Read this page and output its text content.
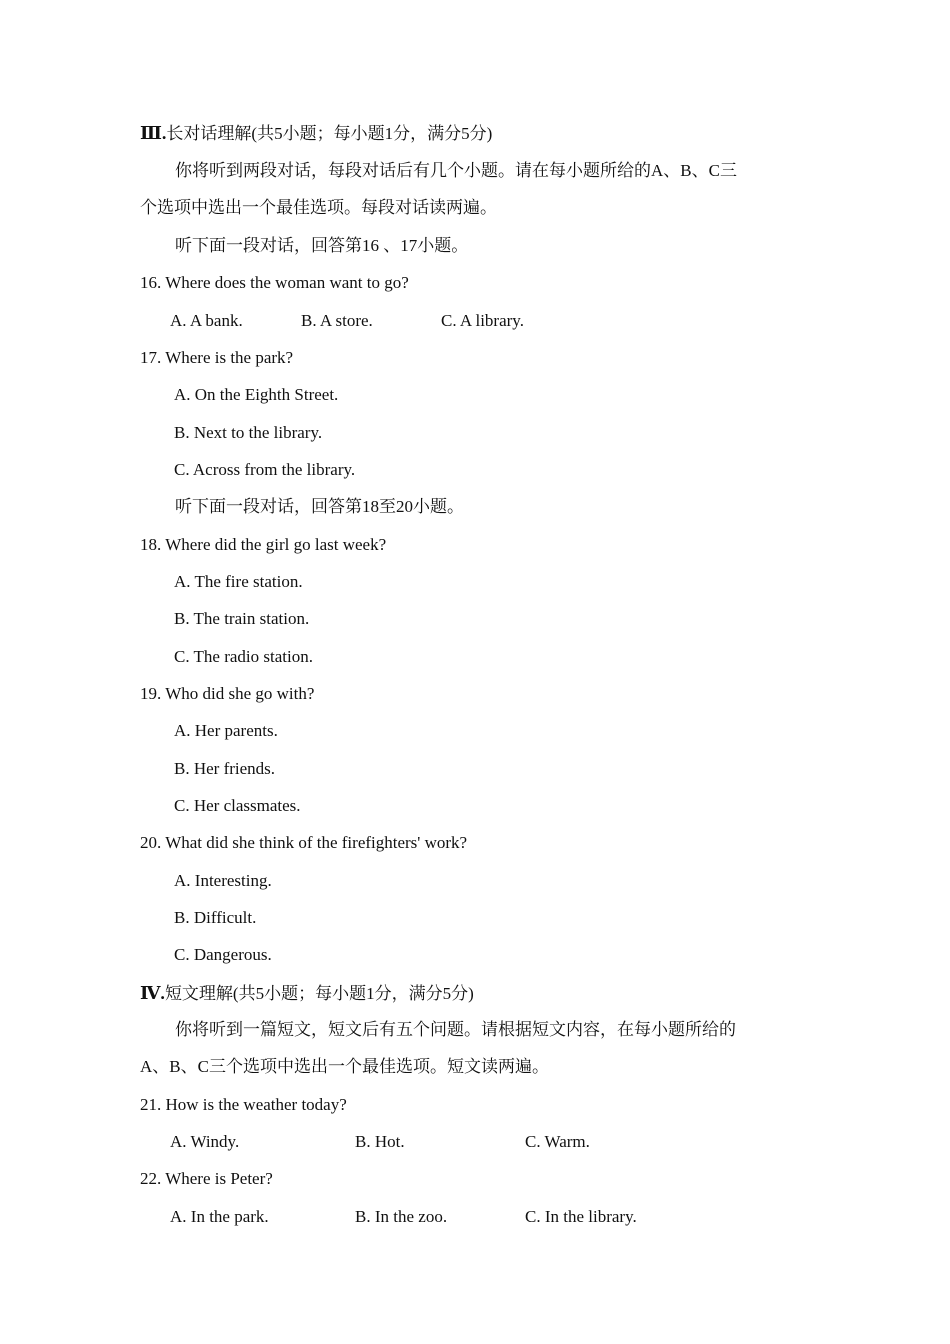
Ⅲ.长对话理解(共5小题；每小题1分，满分5分)
你将听到两段对话，每段对话后有几个小题。请在每小题所给的A、B、C三
个选项中选出一个最佳选项。每段对话读两遍。
听下面一段对话，回答第16 、17小题。
16. Where does the woman want to go?
A. A bank.	B. A store.	C. A library.
17. Where is the park?
A. On the Eighth Street.
B. Next to the library.
C. Across from the library.
听下面一段对话，回答第18至20小题。
18. Where did the girl go last week?
A. The fire station.
B. The train station.
C. The radio station.
19. Who did she go with?
A. Her parents.
B. Her friends.
C. Her classmates.
20. What did she think of the firefighters' work?
A. Interesting.
B. Difficult.
C. Dangerous.
Ⅳ.短文理解(共5小题；每小题1分，满分5分)
你将听到一篇短文，短文后有五个问题。请根据短文内容，在每小题所给的
A、B、C三个选项中选出一个最佳选项。短文读两遍。
21. How is the weather today?
A. Windy.	B. Hot.	C. Warm.
22. Where is Peter?
A. In the park.	B. In the zoo.	C. In the library.
